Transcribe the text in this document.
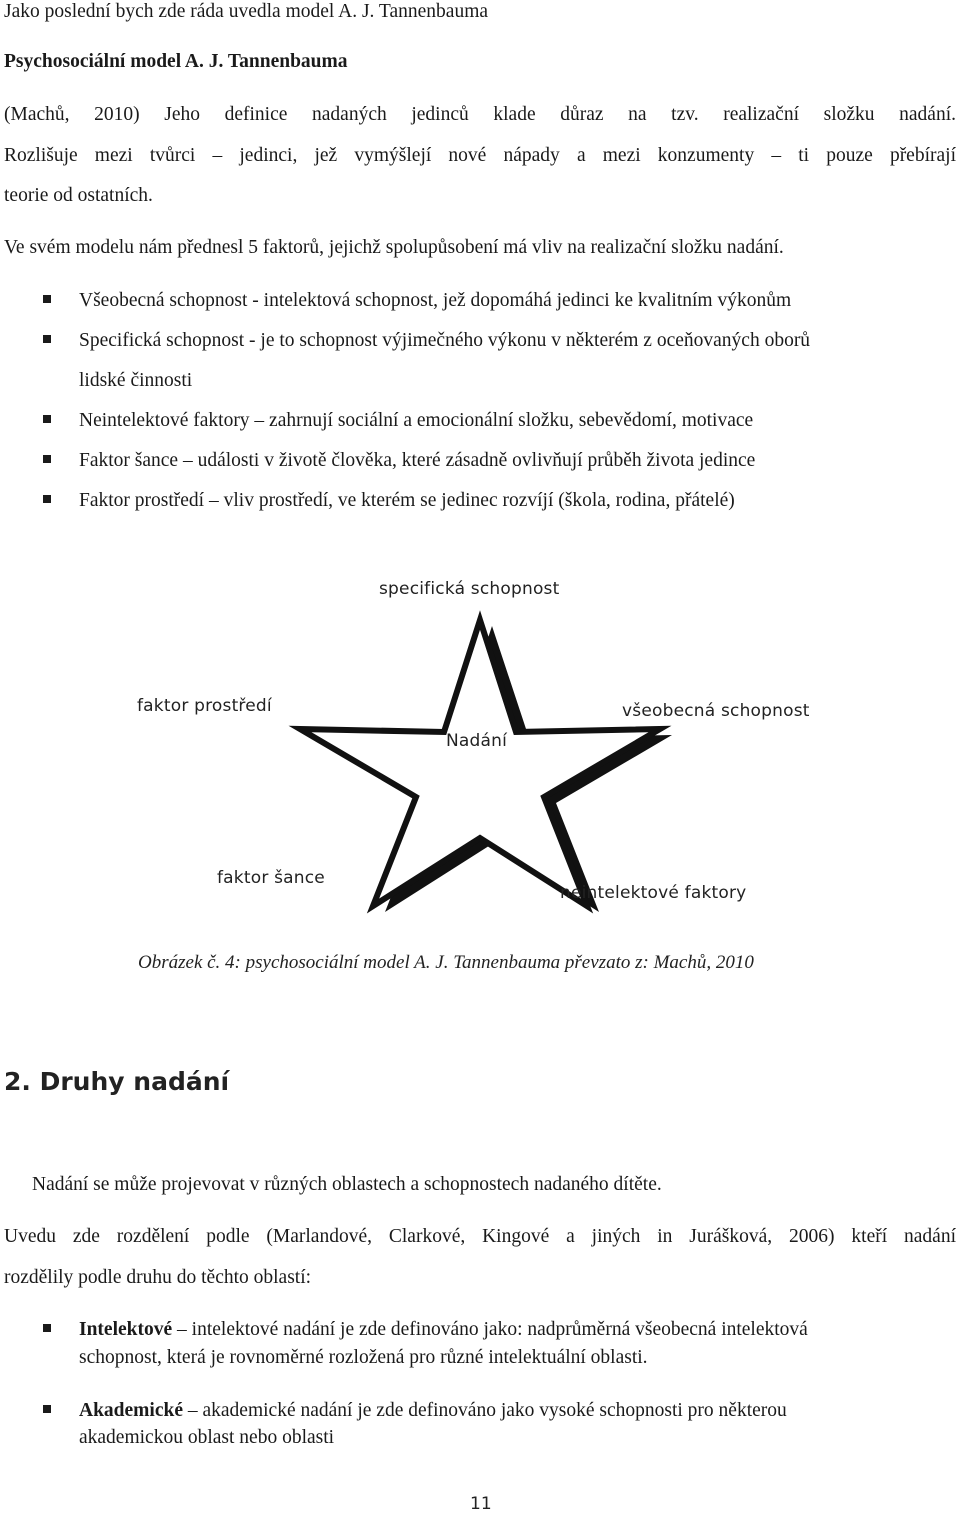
Jako poslední bych zde ráda uvedla model A. J. Tannenbauma
Psychosociální model A. J. Tannenbauma
(Machů, 2010) Jeho definice nadaných jedinců klade důraz na tzv. realizační složku nadání.
Rozlišuje mezi tvůrci – jedinci, jež vymýšlejí nové nápady a mezi konzumenty – ti pouze přebírají
teorie od ostatních.
Ve svém modelu nám přednesl 5 faktorů, jejichž spolupůsobení má vliv na realizační složku nadání.
Všeobecná schopnost - intelektová schopnost, jež dopomáhá jedinci ke kvalitním výkonům
Specifická schopnost - je to schopnost výjimečného výkonu v některém z oceňovaných oborů
lidské činnosti
Neintelektové faktory – zahrnují sociální a emocionální složku, sebevědomí, motivace
Faktor šance – události v životě člověka, které zásadně ovlivňují průběh života jedince
Faktor prostředí – vliv prostředí, ve kterém se jedinec rozvíjí (škola, rodina, přátelé)
specifická schopnost
faktor prostředí	všeobecná schopnost
Nadání
faktor šance
neintelektové faktory
Obrázek č. 4: psychosociální model A. J. Tannenbauma převzato z: Machů, 2010
2. Druhy nadání
Nadání se může projevovat v různých oblastech a schopnostech nadaného dítěte.
Uvedu zde rozdělení podle (Marlandové, Clarkové, Kingové a jiných in Jurášková, 2006) kteří nadání
rozdělily podle druhu do těchto oblastí:
Intelektové – intelektové nadání je zde definováno jako: nadprůměrná všeobecná intelektová
schopnost, která je rovnoměrné rozložená pro různé intelektuální oblasti.
Akademické – akademické nadání je zde definováno jako vysoké schopnosti pro některou
akademickou oblast nebo oblasti
11
